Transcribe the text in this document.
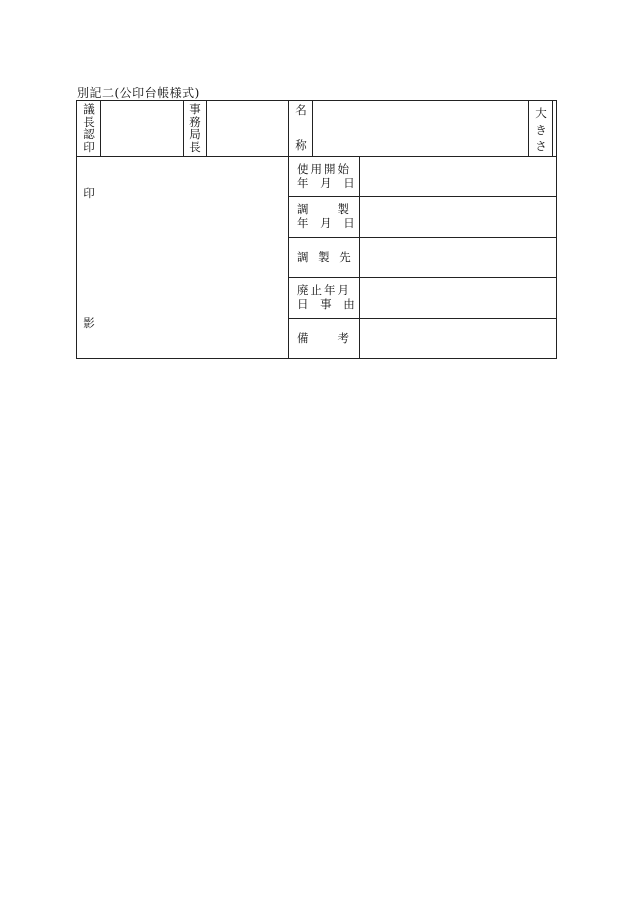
別記二(公印台帳様式)
議
長
認
印
事
務
局
長
名
称
大
き
さ
印
影
使用開始
年 月 日
調　　製
年 月 日
調 製 先
廃止年月
日 事 由
備　　考
